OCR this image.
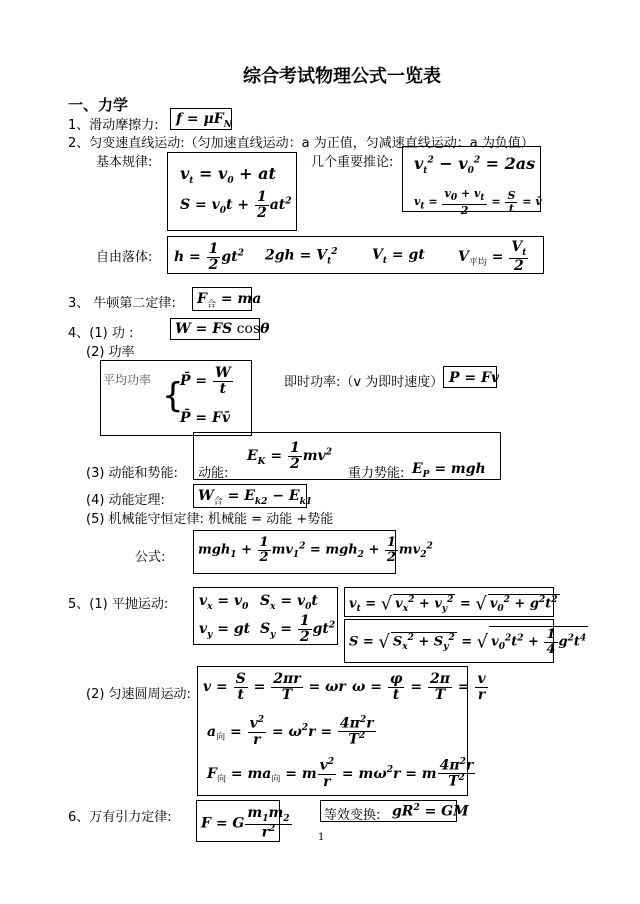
综合考试物理公式一览表
一、力学
1、滑动摩擦力: $f = \mu F_N$
2、匀变速直线运动:（匀加速直线运动：a 为正值，匀减速直线运动：a 为负值）
基本规律:
$v_t = v_0$ + at
$S = v_0t + \frac{1}{2} at^2$
几个重要推论: $v_t^2 - v_0^2 = 2as$
$v_t = \frac{v_0 + v_t}{2} = \frac{S}{t}$ = v̄
自由落体: $h = \frac{1}{2} gt^2$ $2gh = V_t^2$ $V_t$ = gt $V_{平均} = \frac{V_t}{2}$
3、 牛顿第二定律: $F_合$ = ma
4、(1) 功 :	W = FS cosθ
(2) 功率
平均功率 {
P̄ = $\frac{W}{t}$
P̄ = Fv̄
即时功率:（v 为即时速度） P = Fv
(3) 动能和势能: 动能:
$E_K = \frac{1}{2} mv^2$
重力势能: $E_P$ = mgh
(4) 动能定理: $W_合 = E_{k2} - E_{k1}$
(5) 机械能守恒定律: 机械能 = 动能 +势能
公式:	$mgh_1 + \frac{1}{2} mv_1^2 = mgh_2 + \frac{1}{2} mv_2^2$
5、(1) 平抛运动: $v_x = v_0$ $S_x = v_0t$
$v_y$ = gt $S_y = \frac{1}{2} gt^2$
$v_t$ = √ $v_x^2 + v_y^2$ = √ $v_0^2 + g^2t^2$
S = √ $S_x^2 + S_y^2$ = √ $v_0^2t^2 + \frac{1}{4} g^2t^4$
(2) 匀速圆周运动: $v = \frac{S}{t} = \frac{2\pi r}{T} = \omega r$ $\omega = \frac{\varphi}{t} = \frac{2\pi}{T} = \frac{v}{r}$
$a_向 = \frac{v^2}{r} = \omega^2r = \frac{4\pi^2r}{T^2}$
$F_向 = ma_向 = m \frac{v^2}{r} = m\omega^2r = m \frac{4\pi^2r}{T^2}$
6、万有引力定律: F = G $\frac{m_1m_2}{r^2}$ 等效变换: $gR^2$ = GM
1
